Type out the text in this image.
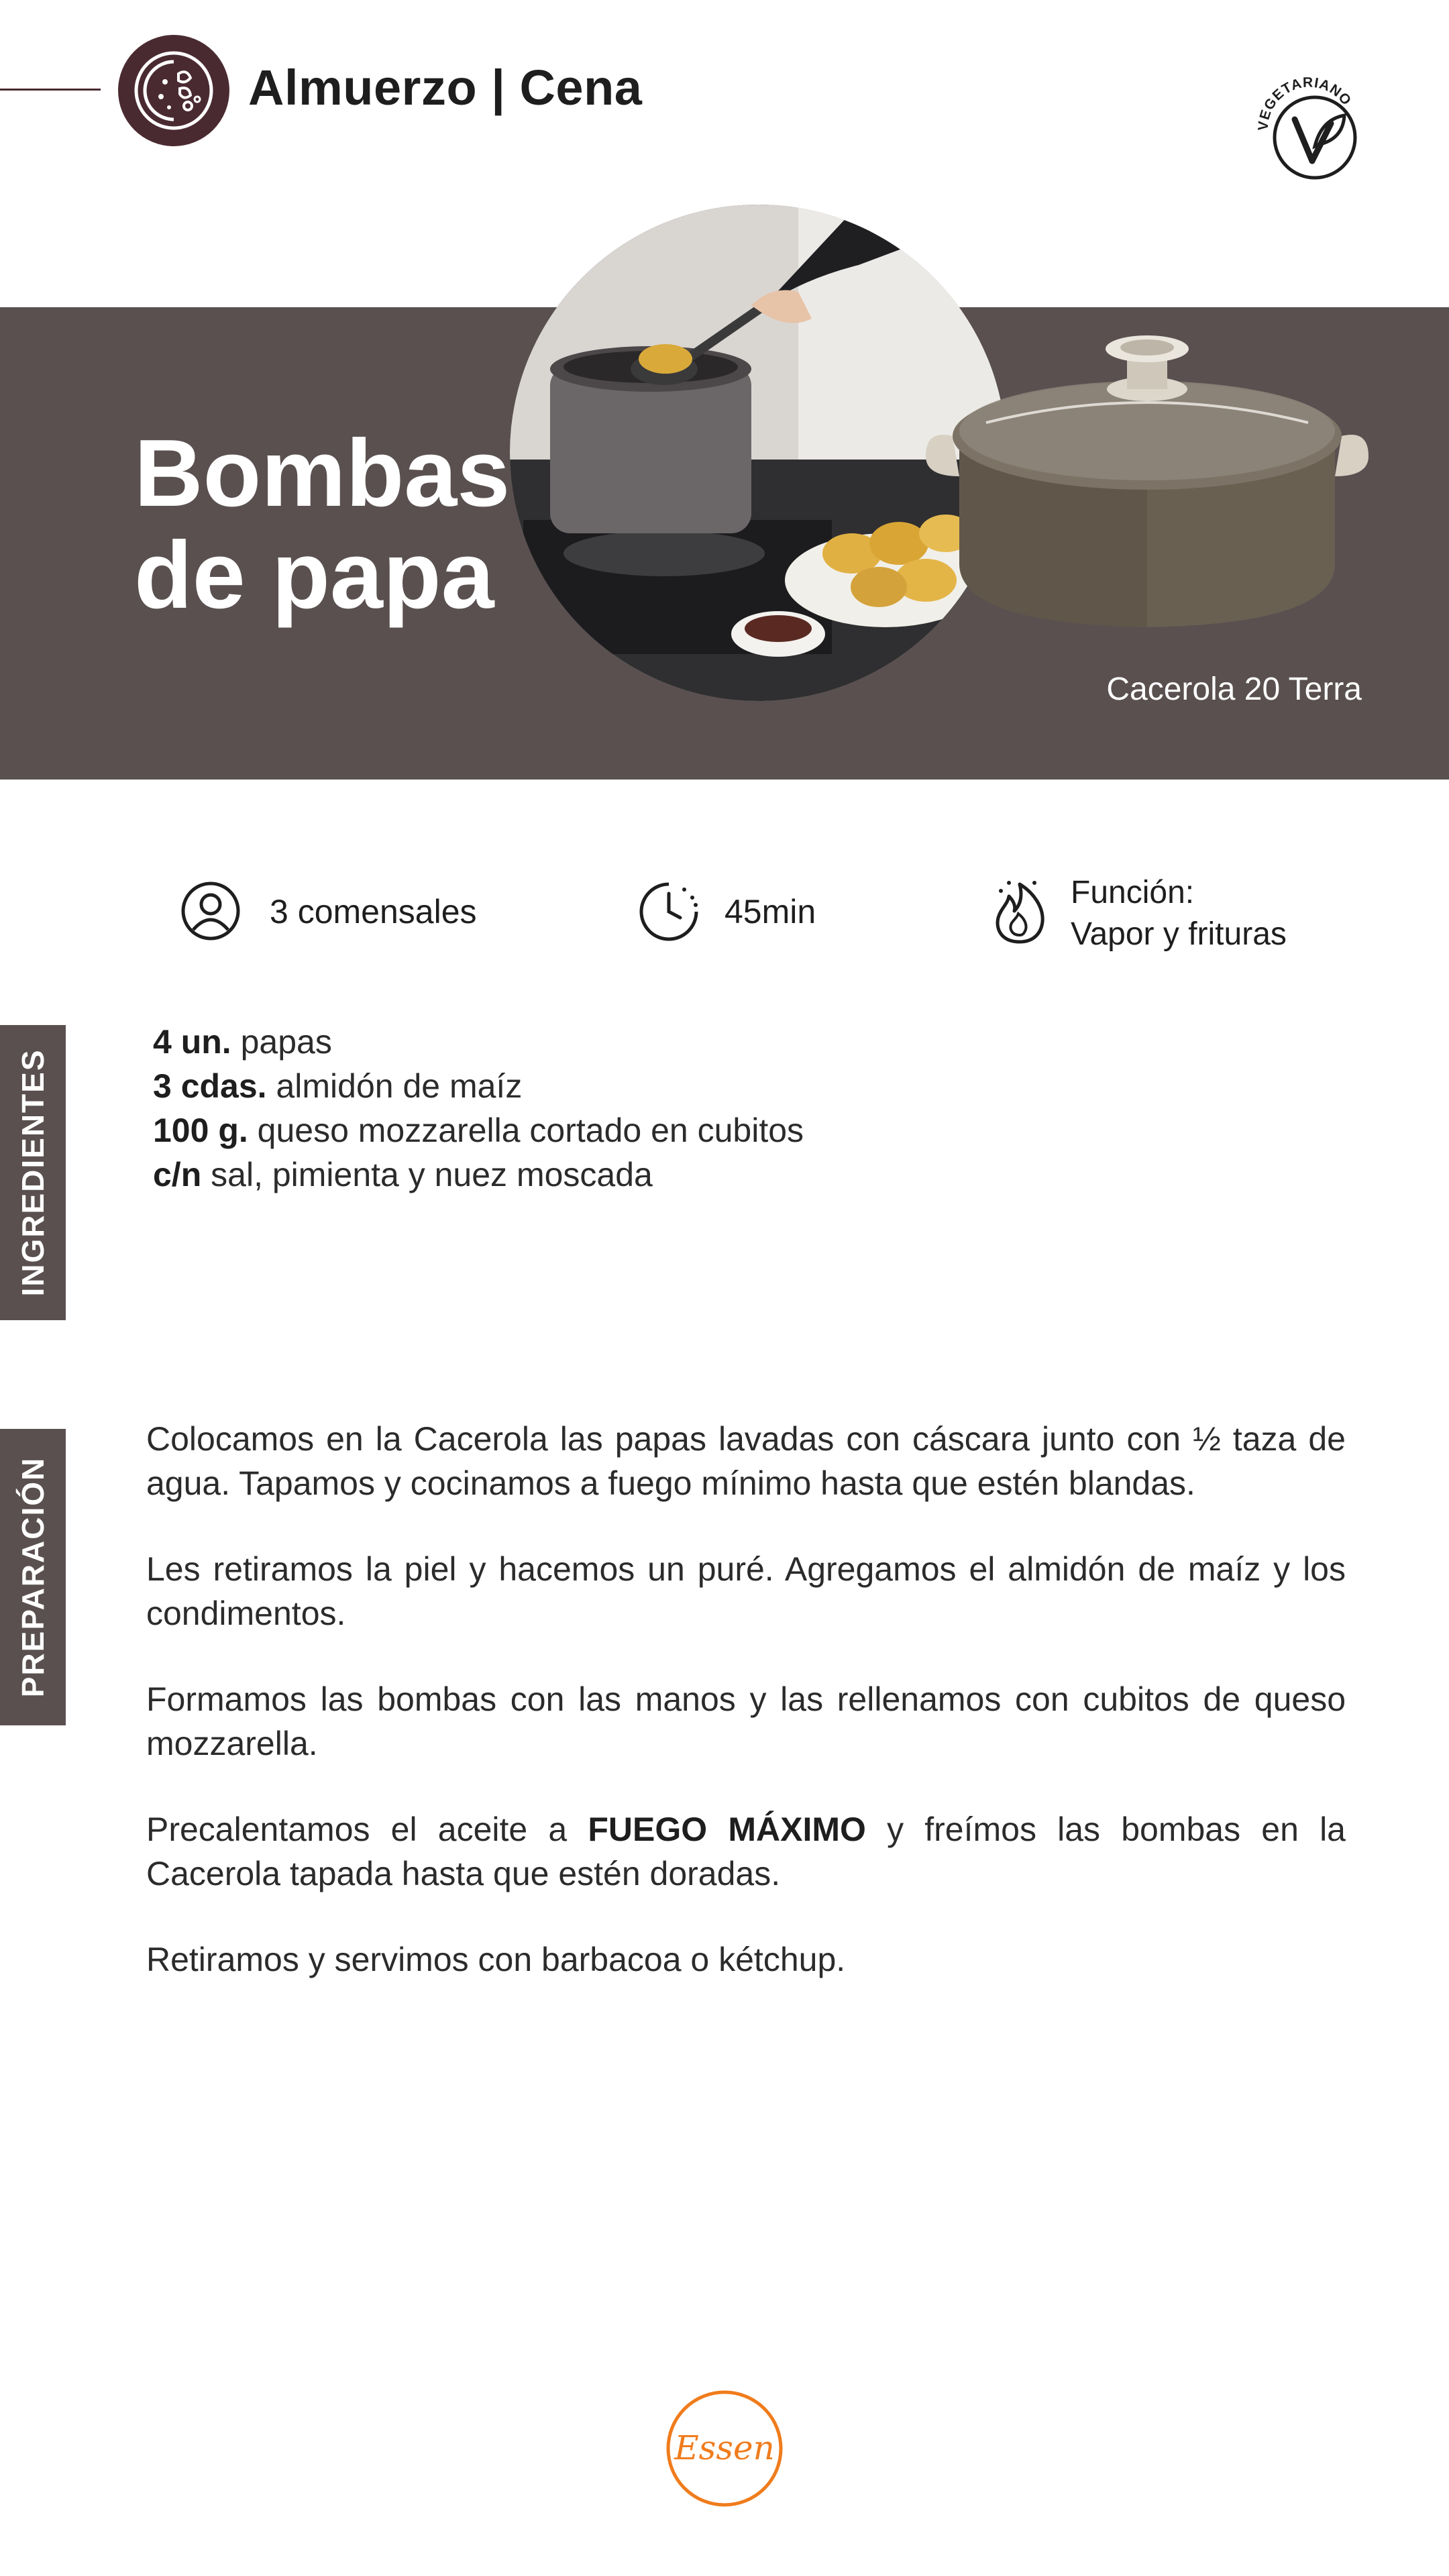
Almuerzo | Cena
VEGETARIANO
Bombas
de papa
Cacerola 20 Terra
3 comensales	45min
Función:
Vapor y frituras
INGREDIENTES
4 un. papas
3 cdas. almidón de maíz
100 g. queso mozzarella cortado en cubitos
c/n sal, pimienta y nuez moscada
PREPARACIÓN

Colocamos en la Cacerola las papas lavadas con cáscara junto con ½ taza de agua. Tapamos y cocinamos a fuego mínimo hasta que estén blandas.

Les retiramos la piel y hacemos un puré. Agregamos el almidón de maíz y los condimentos.

Formamos las bombas con las manos y las rellenamos con cubitos de queso mozzarella.

Precalentamos el aceite a FUEGO MÁXIMO y freímos las bombas en la Cacerola tapada hasta que estén doradas.

Retiramos y servimos con barbacoa o kétchup.

Essen
